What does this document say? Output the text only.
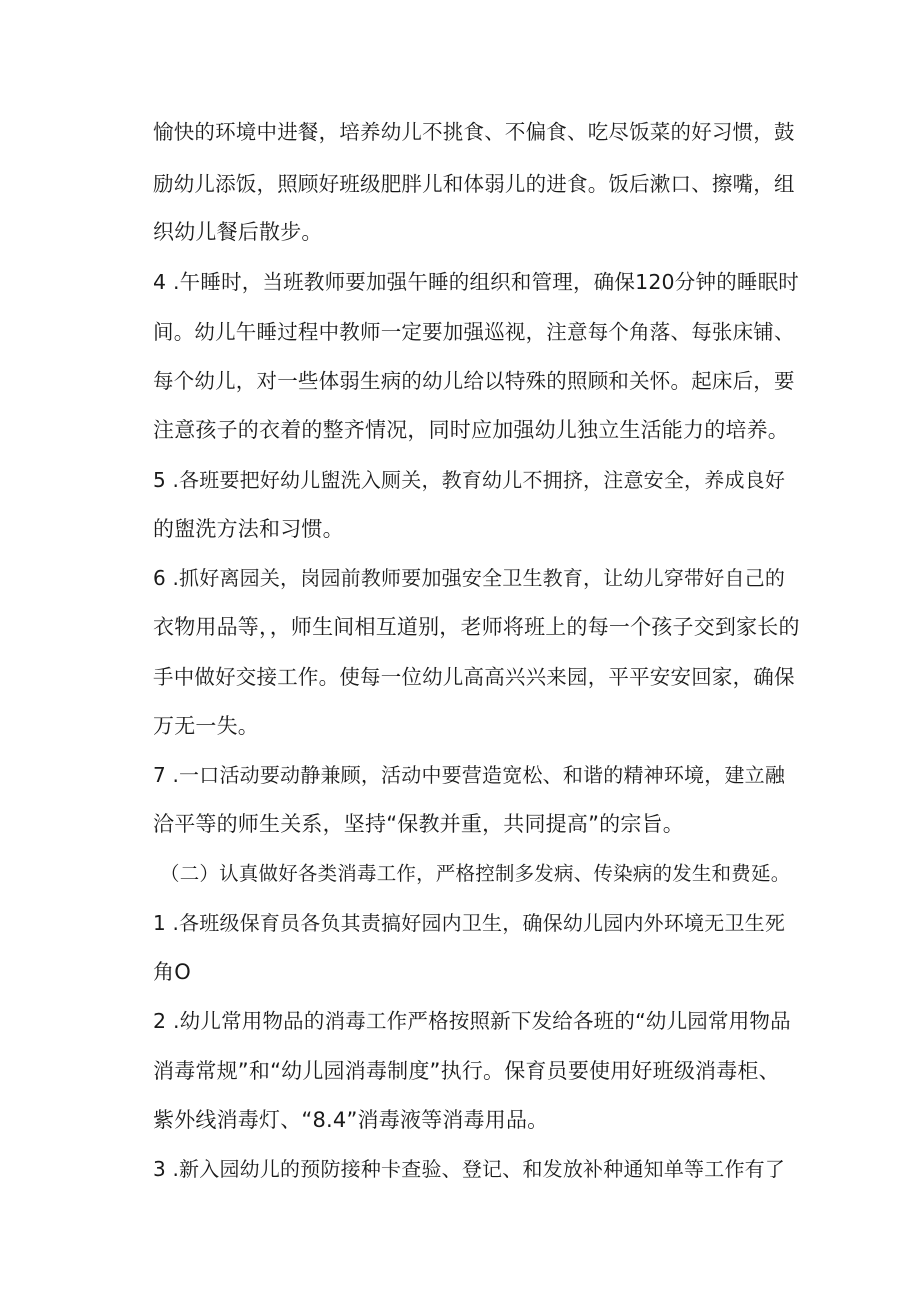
愉快的环境中进餐，培养幼儿不挑食、不偏食、吃尽饭菜的好习惯，鼓

励幼儿添饭，照顾好班级肥胖儿和体弱儿的进食。饭后漱口、擦嘴，组

织幼儿餐后散步。

4 .午睡时，当班教师要加强午睡的组织和管理，确保120分钟的睡眠时

间。幼儿午睡过程中教师一定要加强巡视，注意每个角落、每张床铺、

每个幼儿，对一些体弱生病的幼儿给以特殊的照顾和关怀。起床后，要

注意孩子的衣着的整齐情况，同时应加强幼儿独立生活能力的培养。

5 .各班要把好幼儿盥洗入厕关，教育幼儿不拥挤，注意安全，养成良好

的盥洗方法和习惯。

6 .抓好离园关，岗园前教师要加强安全卫生教育，让幼儿穿带好自己的

衣物用品等，，师生间相互道别，老师将班上的每一个孩子交到家长的

手中做好交接工作。使每一位幼儿高高兴兴来园，平平安安回家，确保

万无一失。

7 .一口活动要动静兼顾，活动中要营造宽松、和谐的精神环境，建立融

洽平等的师生关系，坚持“保教并重，共同提高”的宗旨。

（二）认真做好各类消毒工作，严格控制多发病、传染病的发生和费延。

1 .各班级保育员各负其责搞好园内卫生，确保幼儿园内外环境无卫生死

角O

2 .幼儿常用物品的消毒工作严格按照新下发给各班的“幼儿园常用物品

消毒常规”和“幼儿园消毒制度”执行。保育员要使用好班级消毒柜、

紫外线消毒灯、“8.4”消毒液等消毒用品。

3 .新入园幼儿的预防接种卡查验、登记、和发放补种通知单等工作有了
